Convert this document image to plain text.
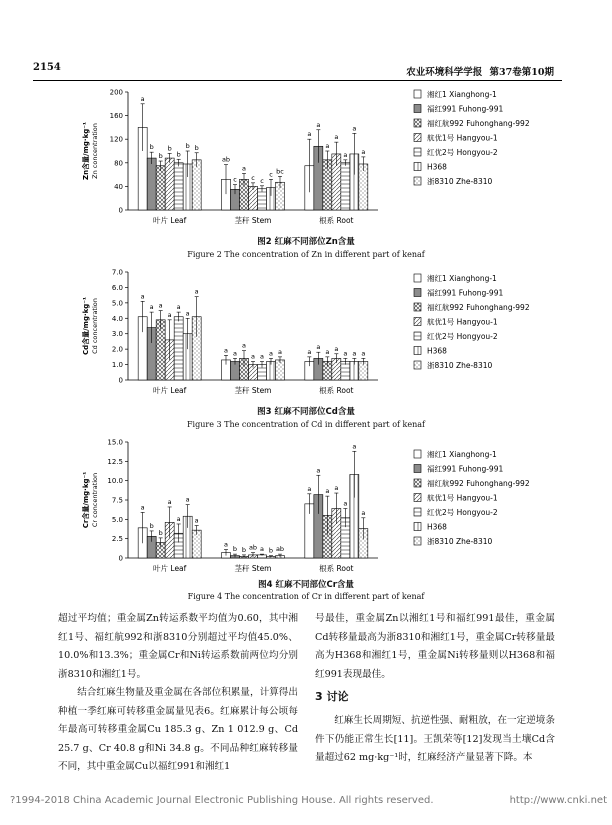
2154	农业环境科学学报 第37卷第10期
Zn含量/mg·kg⁻¹ Zn concentration
0
40
80
120
160
200
叶片 Leaf
a
b
b
b
b
b b
茎秆 Stem
ab
c
a
c c
c bc
根系 Root
a
a
a
a
a
a
a
湘红1 Xianghong-1
福红991 Fuhong-991
福红航992 Fuhonghang-992
航优1号 Hangyou-1
红优2号 Hongyou-2
H368
浙8310 Zhe-8310
图2 红麻不同部位Zn含量
Figure 2 The concentration of Zn in different part of kenaf
Cd含量/mg·kg⁻¹ Cd concentration
0
1.0
2.0
3.0
4.0
5.0
6.0
7.0
叶片 Leaf
a
a a
a
a
a
a
茎秆 Stem
a a
a
a a a a
根系 Root
a
a
a a
a a a
湘红1 Xianghong-1
福红991 Fuhong-991
福红航992 Fuhonghang-992
航优1号 Hangyou-1
红优2号 Hongyou-2
H368
浙8310 Zhe-8310
图3 红麻不同部位Cd含量
Figure 3 The concentration of Cd in different part of kenaf
Cr含量/mg·kg⁻¹ Cr concentration
0
2.5
5.0
7.5
10.0
12.5
15.0
叶片 Leaf
a
b
b
a
a
a
a
茎秆 Stem
a
b b ab a b ab
根系 Root
a
a
a a
a
a
a
湘红1 Xianghong-1
福红991 Fuhong-991
福红航992 Fuhonghang-992
航优1号 Hangyou-1
红优2号 Hongyou-2
H368
浙8310 Zhe-8310
图4 红麻不同部位Cr含量
Figure 4 The concentration of Cr in different part of kenaf

超过平均值；重金属Zn转运系数平均值为0.60，其中湘红1号、福红航992和浙8310分别超过平均值45.0%、10.0%和13.3%；重金属Cr和Ni转运系数前两位均分别浙8310和湘红1号。

结合红麻生物量及重金属在各部位积累量，计算得出种植一季红麻可转移重金属量见表6。红麻累计每公顷每年最高可转移重金属Cu 185.3 g、Zn 1 012.9 g、Cd 25.7 g、Cr 40.8 g和Ni 34.8 g。不同品种红麻转移量不同，其中重金属Cu以福红991和湘红1

号最佳，重金属Zn以湘红1号和福红991最佳，重金属Cd转移量最高为浙8310和湘红1号，重金属Cr转移量最高为H368和湘红1号，重金属Ni转移量则以H368和福红991表现最佳。

3 讨论

红麻生长周期短、抗逆性强、耐粗放，在一定逆境条件下仍能正常生长[11]。王凯荣等[12]发现当土壤Cd含量超过62 mg·kg⁻¹时，红麻经济产量显著下降。本

?1994-2018 China Academic Journal Electronic Publishing House. All rights reserved.	http://www.cnki.net
